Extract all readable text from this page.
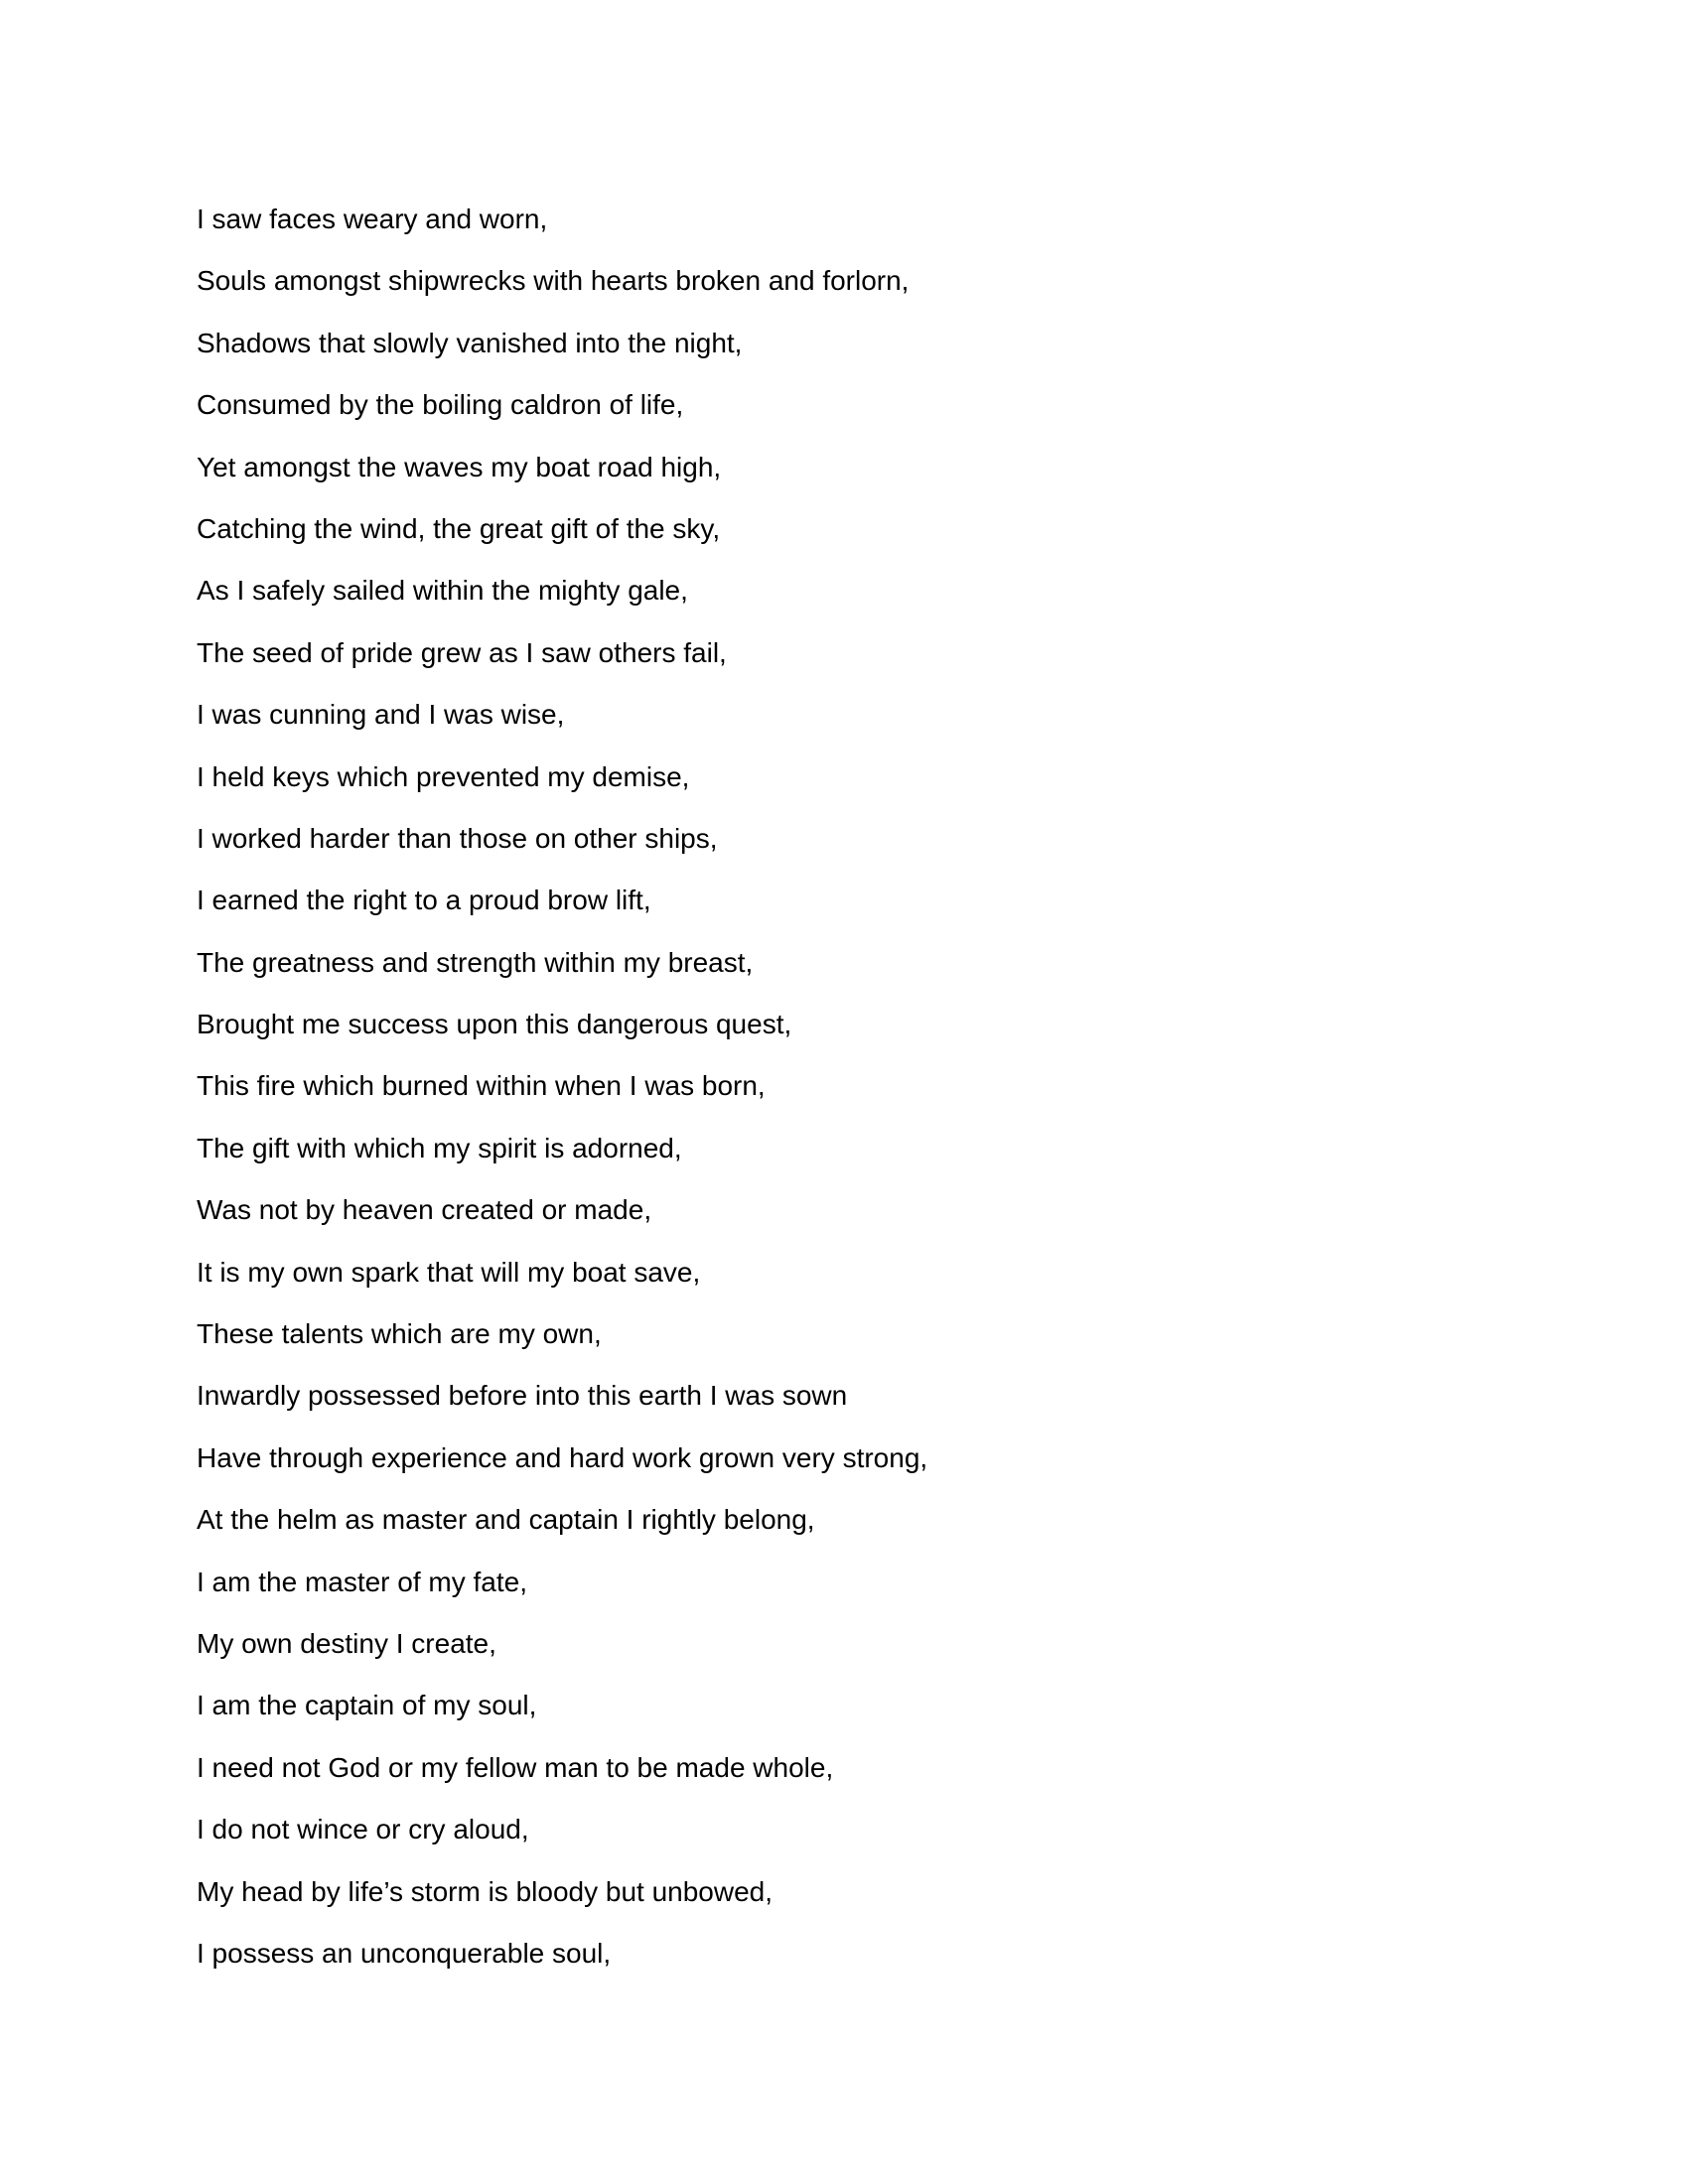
I saw faces weary and worn,
Souls amongst shipwrecks with hearts broken and forlorn,
Shadows that slowly vanished into the night,
Consumed by the boiling caldron of life,
Yet amongst the waves my boat road high,
Catching the wind, the great gift of the sky,
As I safely sailed within the mighty gale,
The seed of pride grew as I saw others fail,
I was cunning and I was wise,
I held keys which prevented my demise,
I worked harder than those on other ships,
I earned the right to a proud brow lift,
The greatness and strength within my breast,
Brought me success upon this dangerous quest,
This fire which burned within when I was born,
The gift with which my spirit is adorned,
Was not by heaven created or made,
It is my own spark that will my boat save,
These talents which are my own,
Inwardly possessed before into this earth I was sown
Have through experience and hard work grown very strong,
At the helm as master and captain I rightly belong,
I am the master of my fate,
My own destiny I create,
I am the captain of my soul,
I need not God or my fellow man to be made whole,
I do not wince or cry aloud,
My head by life’s storm is bloody but unbowed,
I possess an unconquerable soul,
